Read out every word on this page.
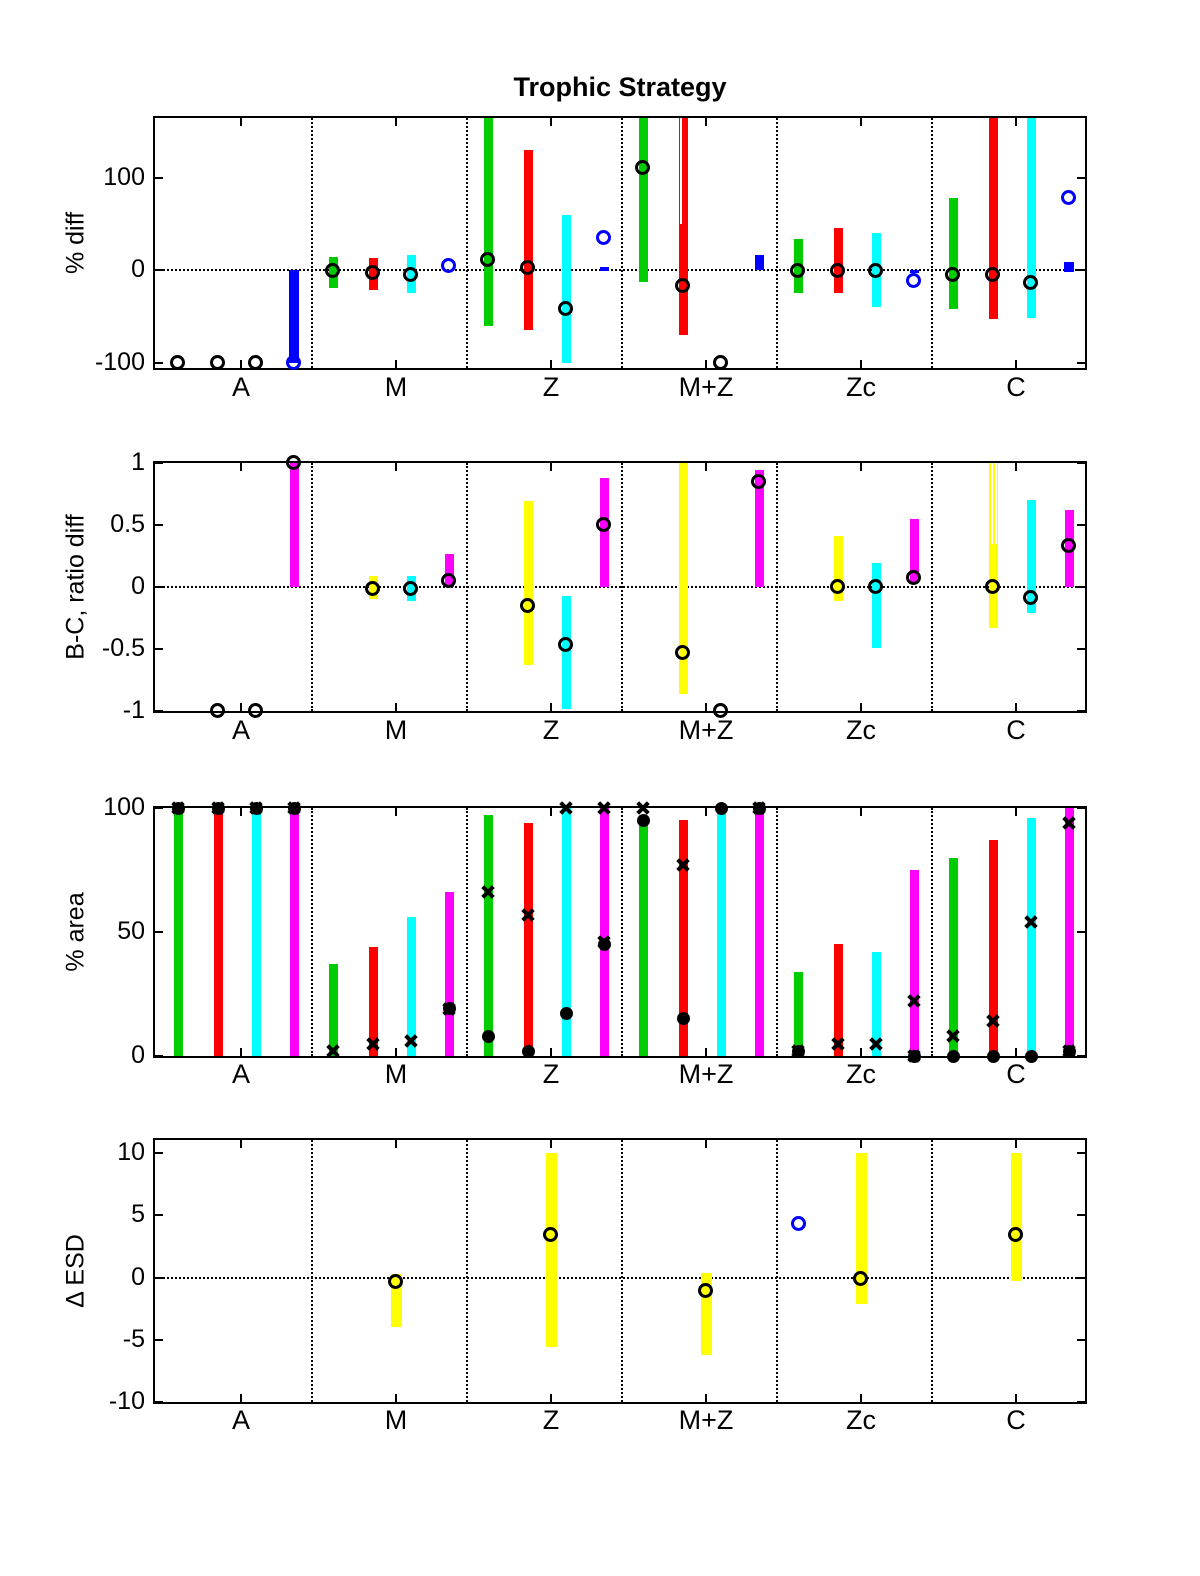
Trophic Strategy
100
0
-100
% diff
A	M	Z	M+Z	Zc	C
1
0.5
0
-0.5
-1
B-C, ratio diff
A	M	Z	M+Z	Zc	C
100
50
0
% area
A	M	Z	M+Z	Zc	C
10
5
0
-5
-10
Δ ESD
A	M	Z	M+Z	Zc	C
